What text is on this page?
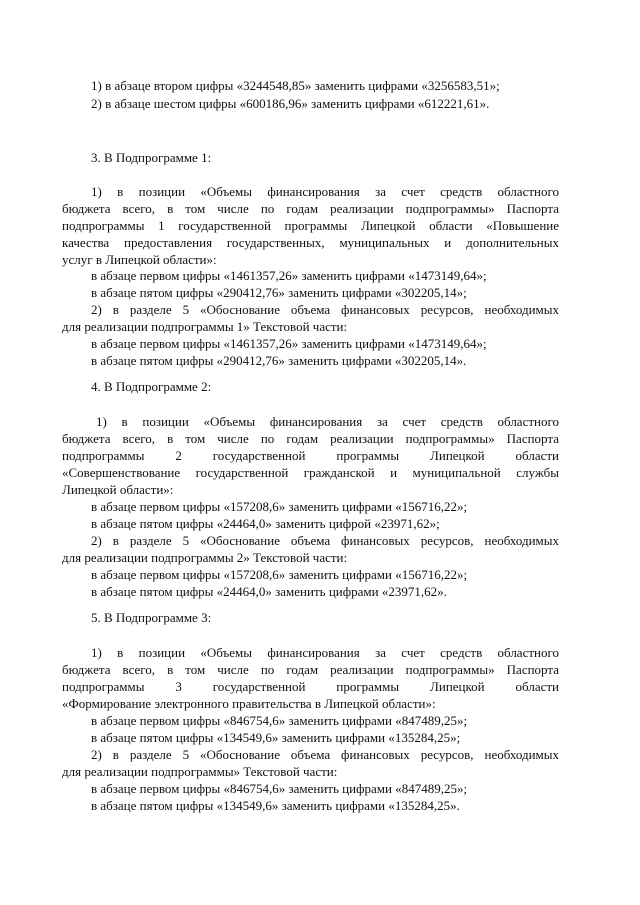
1) в абзаце втором цифры «3244548,85» заменить цифрами «3256583,51»;
2) в абзаце шестом цифры «600186,96» заменить цифрами «612221,61».
3. В Подпрограмме 1:
1) в позиции «Объемы финансирования за счет средств областного
бюджета всего, в том числе по годам реализации подпрограммы» Паспорта
подпрограммы 1 государственной программы Липецкой области «Повышение
качества предоставления государственных, муниципальных и дополнительных
услуг в Липецкой области»:
в абзаце первом цифры «1461357,26» заменить цифрами «1473149,64»;
в абзаце пятом цифры «290412,76» заменить цифрами «302205,14»;
2) в разделе 5 «Обоснование объема финансовых ресурсов, необходимых
для реализации подпрограммы 1» Текстовой части:
в абзаце первом цифры «1461357,26» заменить цифрами «1473149,64»;
в абзаце пятом цифры «290412,76» заменить цифрами «302205,14».
4. В Подпрограмме 2:
1) в позиции «Объемы финансирования за счет средств областного
бюджета всего, в том числе по годам реализации подпрограммы» Паспорта
подпрограммы 2 государственной программы Липецкой области
«Совершенствование государственной гражданской и муниципальной службы
Липецкой области»:
в абзаце первом цифры «157208,6» заменить цифрами «156716,22»;
в абзаце пятом цифры «24464,0» заменить цифрой «23971,62»;
2) в разделе 5 «Обоснование объема финансовых ресурсов, необходимых
для реализации подпрограммы 2» Текстовой части:
в абзаце первом цифры «157208,6» заменить цифрами «156716,22»;
в абзаце пятом цифры «24464,0» заменить цифрами «23971,62».
5. В Подпрограмме 3:
1) в позиции «Объемы финансирования за счет средств областного
бюджета всего, в том числе по годам реализации подпрограммы» Паспорта
подпрограммы 3 государственной программы Липецкой области
«Формирование электронного правительства в Липецкой области»:
в абзаце первом цифры «846754,6» заменить цифрами «847489,25»;
в абзаце пятом цифры «134549,6» заменить цифрами «135284,25»;
2) в разделе 5 «Обоснование объема финансовых ресурсов, необходимых
для реализации подпрограммы» Текстовой части:
в абзаце первом цифры «846754,6» заменить цифрами «847489,25»;
в абзаце пятом цифры «134549,6» заменить цифрами «135284,25».
